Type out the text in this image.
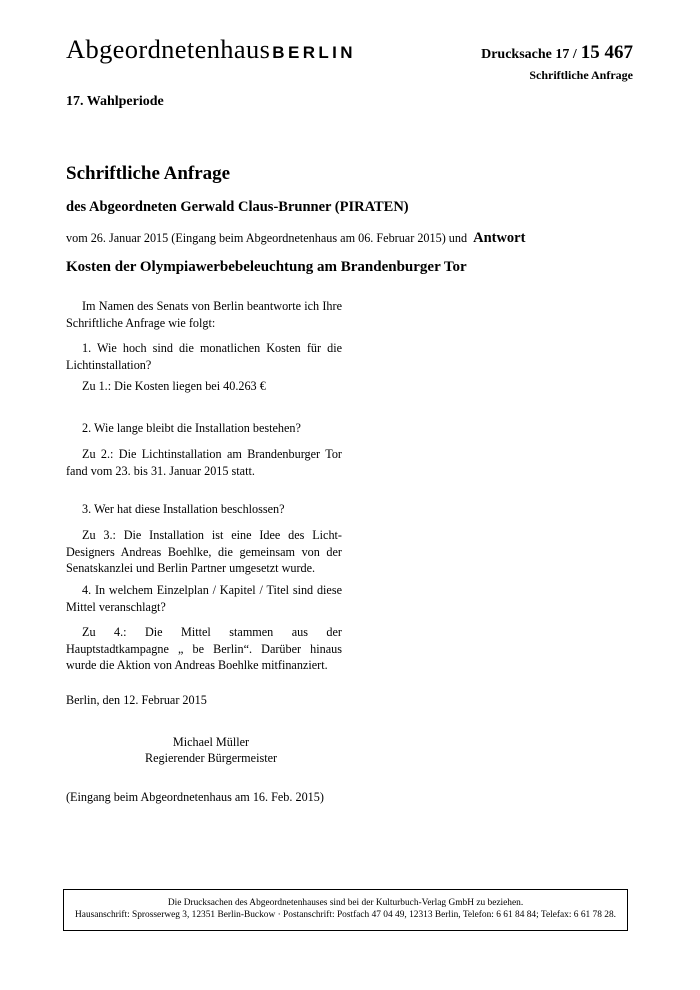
Abgeordnetenhaus BERLIN	Drucksache 17 / 15 467
Schriftliche Anfrage
17. Wahlperiode
Schriftliche Anfrage
des Abgeordneten Gerwald Claus-Brunner (PIRATEN)
vom 26. Januar 2015 (Eingang beim Abgeordnetenhaus am 06. Februar 2015) und Antwort
Kosten der Olympiawerbebeleuchtung am Brandenburger Tor

Im Namen des Senats von Berlin beantworte ich Ihre Schriftliche Anfrage wie folgt:

1. Wie hoch sind die monatlichen Kosten für die Lichtinstallation?

Zu 1.: Die Kosten liegen bei 40.263 €

2. Wie lange bleibt die Installation bestehen?

Zu 2.: Die Lichtinstallation am Brandenburger Tor fand vom 23. bis 31. Januar 2015 statt.

3. Wer hat diese Installation beschlossen?

Zu 3.: Die Installation ist eine Idee des Licht-Designers Andreas Boehlke, die gemeinsam von der Senatskanzlei und Berlin Partner umgesetzt wurde.

4. In welchem Einzelplan / Kapitel / Titel sind diese Mittel veranschlagt?

Zu 4.: Die Mittel stammen aus der Hauptstadtkampagne „ be Berlin“. Darüber hinaus wurde die Aktion von Andreas Boehlke mitfinanziert.

Berlin, den 12. Februar 2015
Michael Müller
Regierender Bürgermeister
(Eingang beim Abgeordnetenhaus am 16. Feb. 2015)
Die Drucksachen des Abgeordnetenhauses sind bei der Kulturbuch-Verlag GmbH zu beziehen.
Hausanschrift: Sprosserweg 3, 12351 Berlin-Buckow · Postanschrift: Postfach 47 04 49, 12313 Berlin, Telefon: 6 61 84 84; Telefax: 6 61 78 28.
